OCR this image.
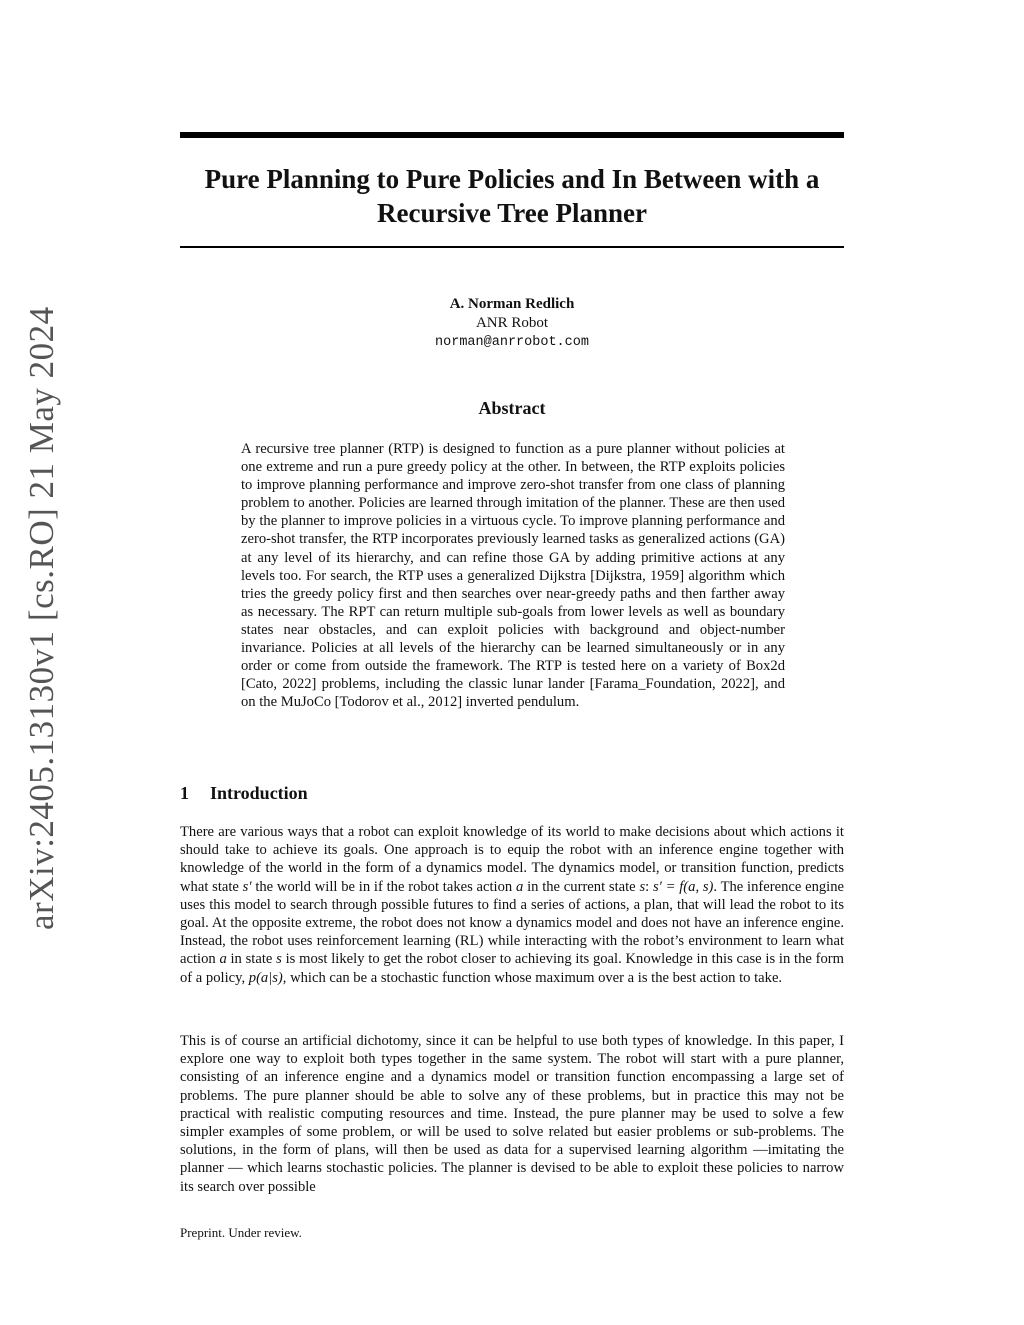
arXiv:2405.13130v1 [cs.RO] 21 May 2024
Pure Planning to Pure Policies and In Between with a Recursive Tree Planner
A. Norman Redlich
ANR Robot
norman@anrrobot.com
Abstract
A recursive tree planner (RTP) is designed to function as a pure planner without policies at one extreme and run a pure greedy policy at the other. In between, the RTP exploits policies to improve planning performance and improve zero-shot transfer from one class of planning problem to another. Policies are learned through imitation of the planner. These are then used by the planner to improve policies in a virtuous cycle. To improve planning performance and zero-shot transfer, the RTP incorporates previously learned tasks as generalized actions (GA) at any level of its hierarchy, and can refine those GA by adding primitive actions at any levels too. For search, the RTP uses a generalized Dijkstra [Dijkstra, 1959] algorithm which tries the greedy policy first and then searches over near-greedy paths and then farther away as necessary. The RPT can return multiple sub-goals from lower levels as well as boundary states near obstacles, and can exploit policies with background and object-number invariance. Policies at all levels of the hierarchy can be learned simultaneously or in any order or come from outside the framework. The RTP is tested here on a variety of Box2d [Cato, 2022] problems, including the classic lunar lander [Farama_Foundation, 2022], and on the MuJoCo [Todorov et al., 2012] inverted pendulum.
1 Introduction
There are various ways that a robot can exploit knowledge of its world to make decisions about which actions it should take to achieve its goals. One approach is to equip the robot with an inference engine together with knowledge of the world in the form of a dynamics model. The dynamics model, or transition function, predicts what state s′ the world will be in if the robot takes action a in the current state s: s′ = f(a, s). The inference engine uses this model to search through possible futures to find a series of actions, a plan, that will lead the robot to its goal. At the opposite extreme, the robot does not know a dynamics model and does not have an inference engine. Instead, the robot uses reinforcement learning (RL) while interacting with the robot’s environment to learn what action a in state s is most likely to get the robot closer to achieving its goal. Knowledge in this case is in the form of a policy, p(a|s), which can be a stochastic function whose maximum over a is the best action to take.
This is of course an artificial dichotomy, since it can be helpful to use both types of knowledge. In this paper, I explore one way to exploit both types together in the same system. The robot will start with a pure planner, consisting of an inference engine and a dynamics model or transition function encompassing a large set of problems. The pure planner should be able to solve any of these problems, but in practice this may not be practical with realistic computing resources and time. Instead, the pure planner may be used to solve a few simpler examples of some problem, or will be used to solve related but easier problems or sub-problems. The solutions, in the form of plans, will then be used as data for a supervised learning algorithm —imitating the planner — which learns stochastic policies. The planner is devised to be able to exploit these policies to narrow its search over possible
Preprint. Under review.
